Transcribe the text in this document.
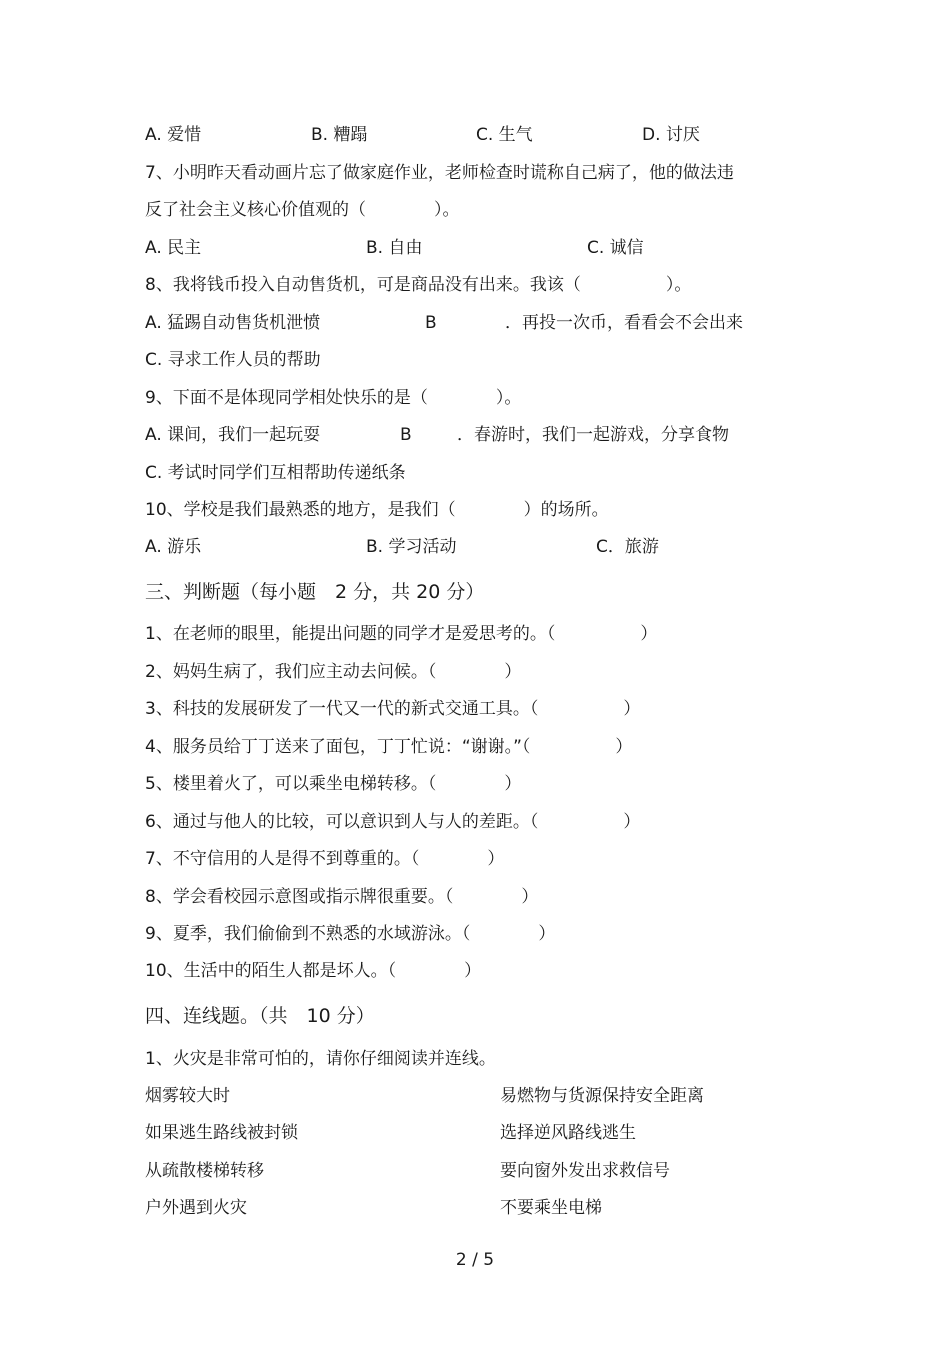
A. 爱惜	B. 糟蹋	C. 生气	D. 讨厌
7、小明昨天看动画片忘了做家庭作业，老师检查时谎称自己病了，他的做法违
反了社会主义核心价值观的（　　　　）。
A. 民主	B. 自由	C. 诚信
8、我将钱币投入自动售货机，可是商品没有出来。我该（　　　　　）。
A. 猛踢自动售货机泄愤	B	．再投一次币，看看会不会出来
C. 寻求工作人员的帮助
9、下面不是体现同学相处快乐的是（　　　　）。
A. 课间，我们一起玩耍	B	．春游时，我们一起游戏，分享食物
C. 考试时同学们互相帮助传递纸条
10、学校是我们最熟悉的地方，是我们（　　　　）的场所。
A. 游乐	B. 学习活动	C．旅游
三、判断题（每小题　2 分，共 20 分）
1、在老师的眼里，能提出问题的同学才是爱思考的。（　　　　　）
2、妈妈生病了，我们应主动去问候。（　　　　）
3、科技的发展研发了一代又一代的新式交通工具。（　　　　　）
4、服务员给丁丁送来了面包，丁丁忙说：“谢谢。”（　　　　　）
5、楼里着火了，可以乘坐电梯转移。（　　　　）
6、通过与他人的比较，可以意识到人与人的差距。（　　　　　）
7、不守信用的人是得不到尊重的。（　　　　）
8、学会看校园示意图或指示牌很重要。（　　　　）
9、夏季，我们偷偷到不熟悉的水域游泳。（　　　　）
10、生活中的陌生人都是坏人。（　　　　）
四、连线题。（共　10 分）
1、火灾是非常可怕的，请你仔细阅读并连线。
烟雾较大时	易燃物与货源保持安全距离
如果逃生路线被封锁	选择逆风路线逃生
从疏散楼梯转移	要向窗外发出求救信号
户外遇到火灾	不要乘坐电梯
2 / 5
